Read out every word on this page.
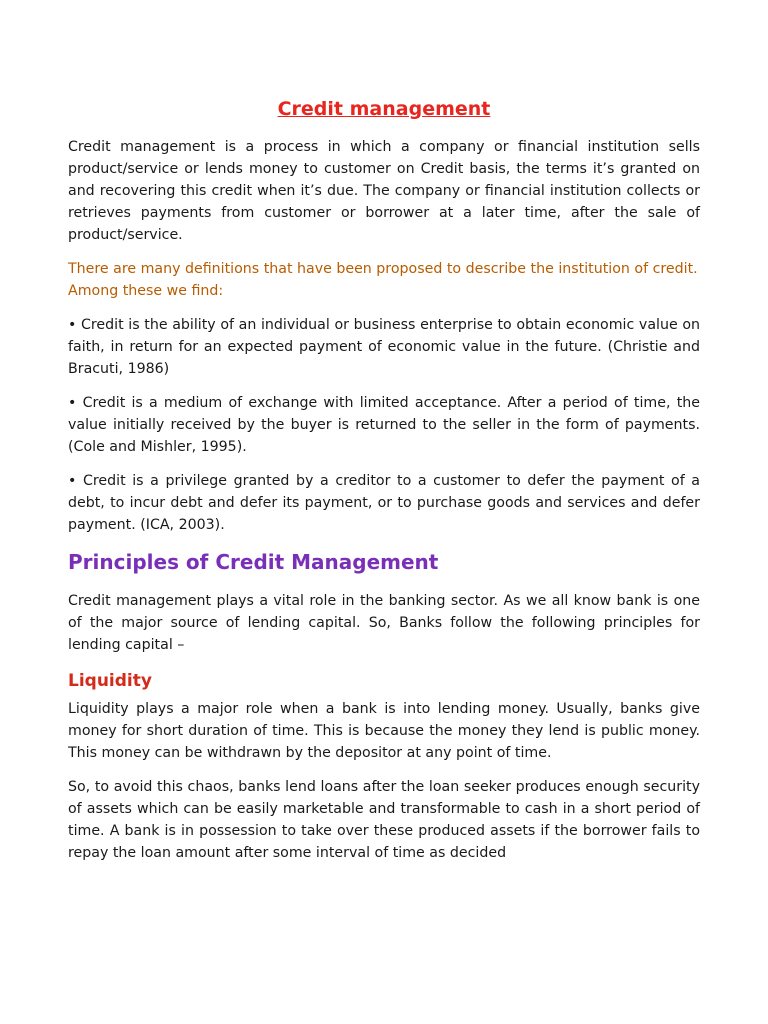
Credit management

Credit management is a process in which a company or financial institution sells product/service or lends money to customer on Credit basis, the terms it’s granted on and recovering this credit when it’s due. The company or financial institution collects or retrieves payments from customer or borrower at a later time, after the sale of product/service.

There are many definitions that have been proposed to describe the institution of credit. Among these we find:

• Credit is the ability of an individual or business enterprise to obtain economic value on faith, in return for an expected payment of economic value in the future. (Christie and Bracuti, 1986)

• Credit is a medium of exchange with limited acceptance. After a period of time, the value initially received by the buyer is returned to the seller in the form of payments. (Cole and Mishler, 1995).

• Credit is a privilege granted by a creditor to a customer to defer the payment of a debt, to incur debt and defer its payment, or to purchase goods and services and defer payment. (ICA, 2003).

Principles of Credit Management

Credit management plays a vital role in the banking sector. As we all know bank is one of the major source of lending capital. So, Banks follow the following principles for lending capital –

Liquidity

Liquidity plays a major role when a bank is into lending money. Usually, banks give money for short duration of time. This is because the money they lend is public money. This money can be withdrawn by the depositor at any point of time.

So, to avoid this chaos, banks lend loans after the loan seeker produces enough security of assets which can be easily marketable and transformable to cash in a short period of time. A bank is in possession to take over these produced assets if the borrower fails to repay the loan amount after some interval of time as decided
